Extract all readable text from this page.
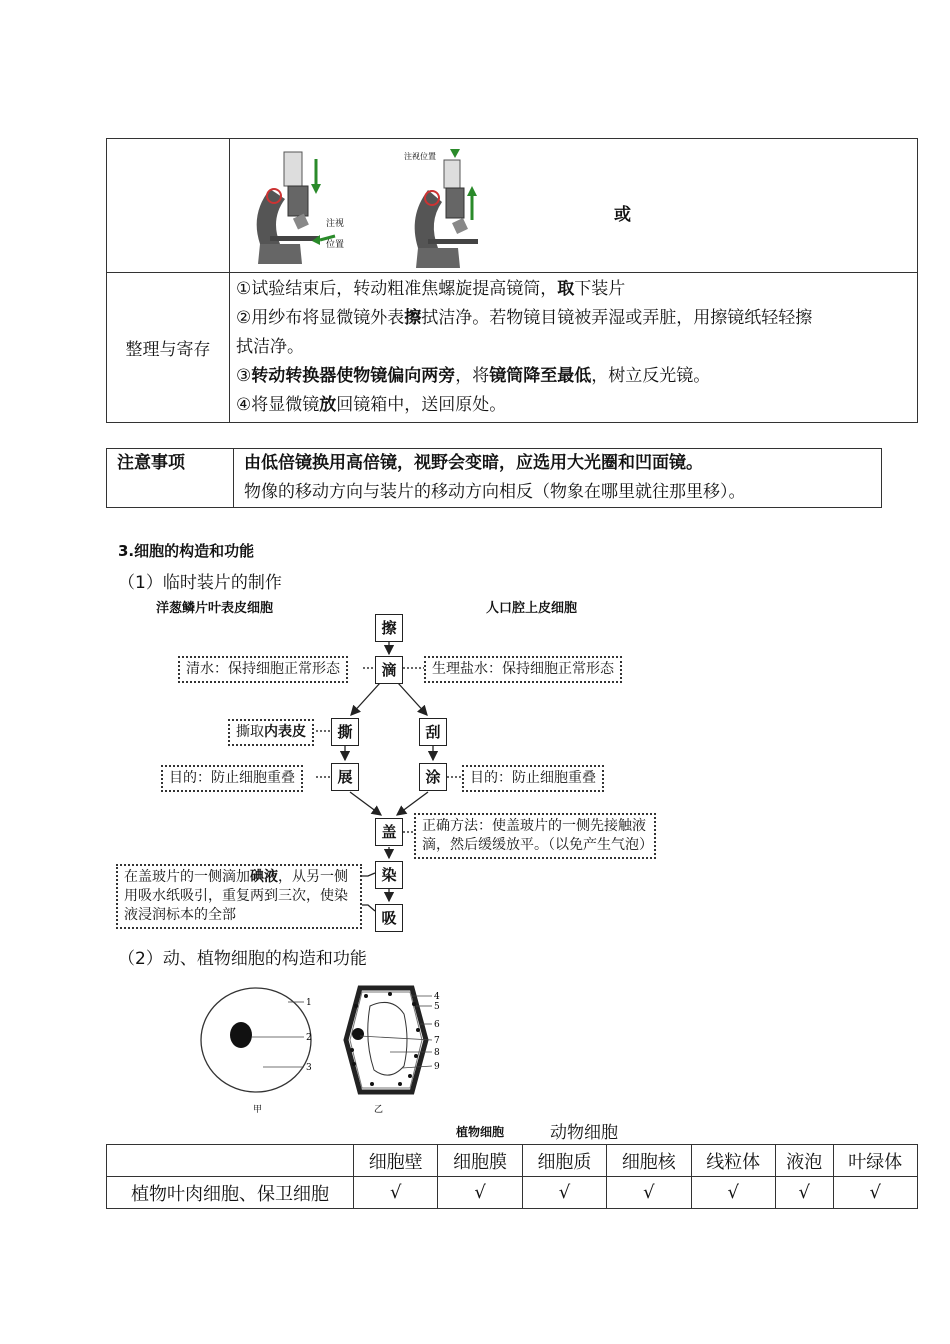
注视
位置
注视位置
或

整理与寄存	①试验结束后，转动粗准焦螺旋提高镜筒，取下装片
②用纱布将显微镜外表擦拭洁净。若物镜目镜被弄湿或弄脏，用擦镜纸轻轻擦
拭洁净。
③转动转换器使物镜偏向两旁，将镜筒降至最低，树立反光镜。
④将显微镜放回镜箱中，送回原处。
注意事项	由低倍镜换用高倍镜，视野会变暗，应选用大光圈和凹面镜。
物像的移动方向与装片的移动方向相反（物象在哪里就往那里移）。
3.细胞的构造和功能
（1）临时装片的制作
洋葱鳞片叶表皮细胞	人口腔上皮细胞
擦
滴
撕	刮
展	涂
盖
染
吸
清水：保持细胞正常形态	生理盐水：保持细胞正常形态
撕取内表皮
目的：防止细胞重叠	目的：防止细胞重叠
正确方法：使盖玻片的一侧先接触液滴，然后缓缓放平。（以免产生气泡）
在盖玻片的一侧滴加碘液，从另一侧用吸水纸吸引，重复两到三次，使染液浸润标本的全部
（2）动、植物细胞的构造和功能
1
2
3
甲
4
5
6
7
8
9
乙
植物细胞	动物细胞
	细胞壁	细胞膜	细胞质	细胞核	线粒体	液泡	叶绿体
植物叶肉细胞、保卫细胞	√	√	√	√	√	√	√
